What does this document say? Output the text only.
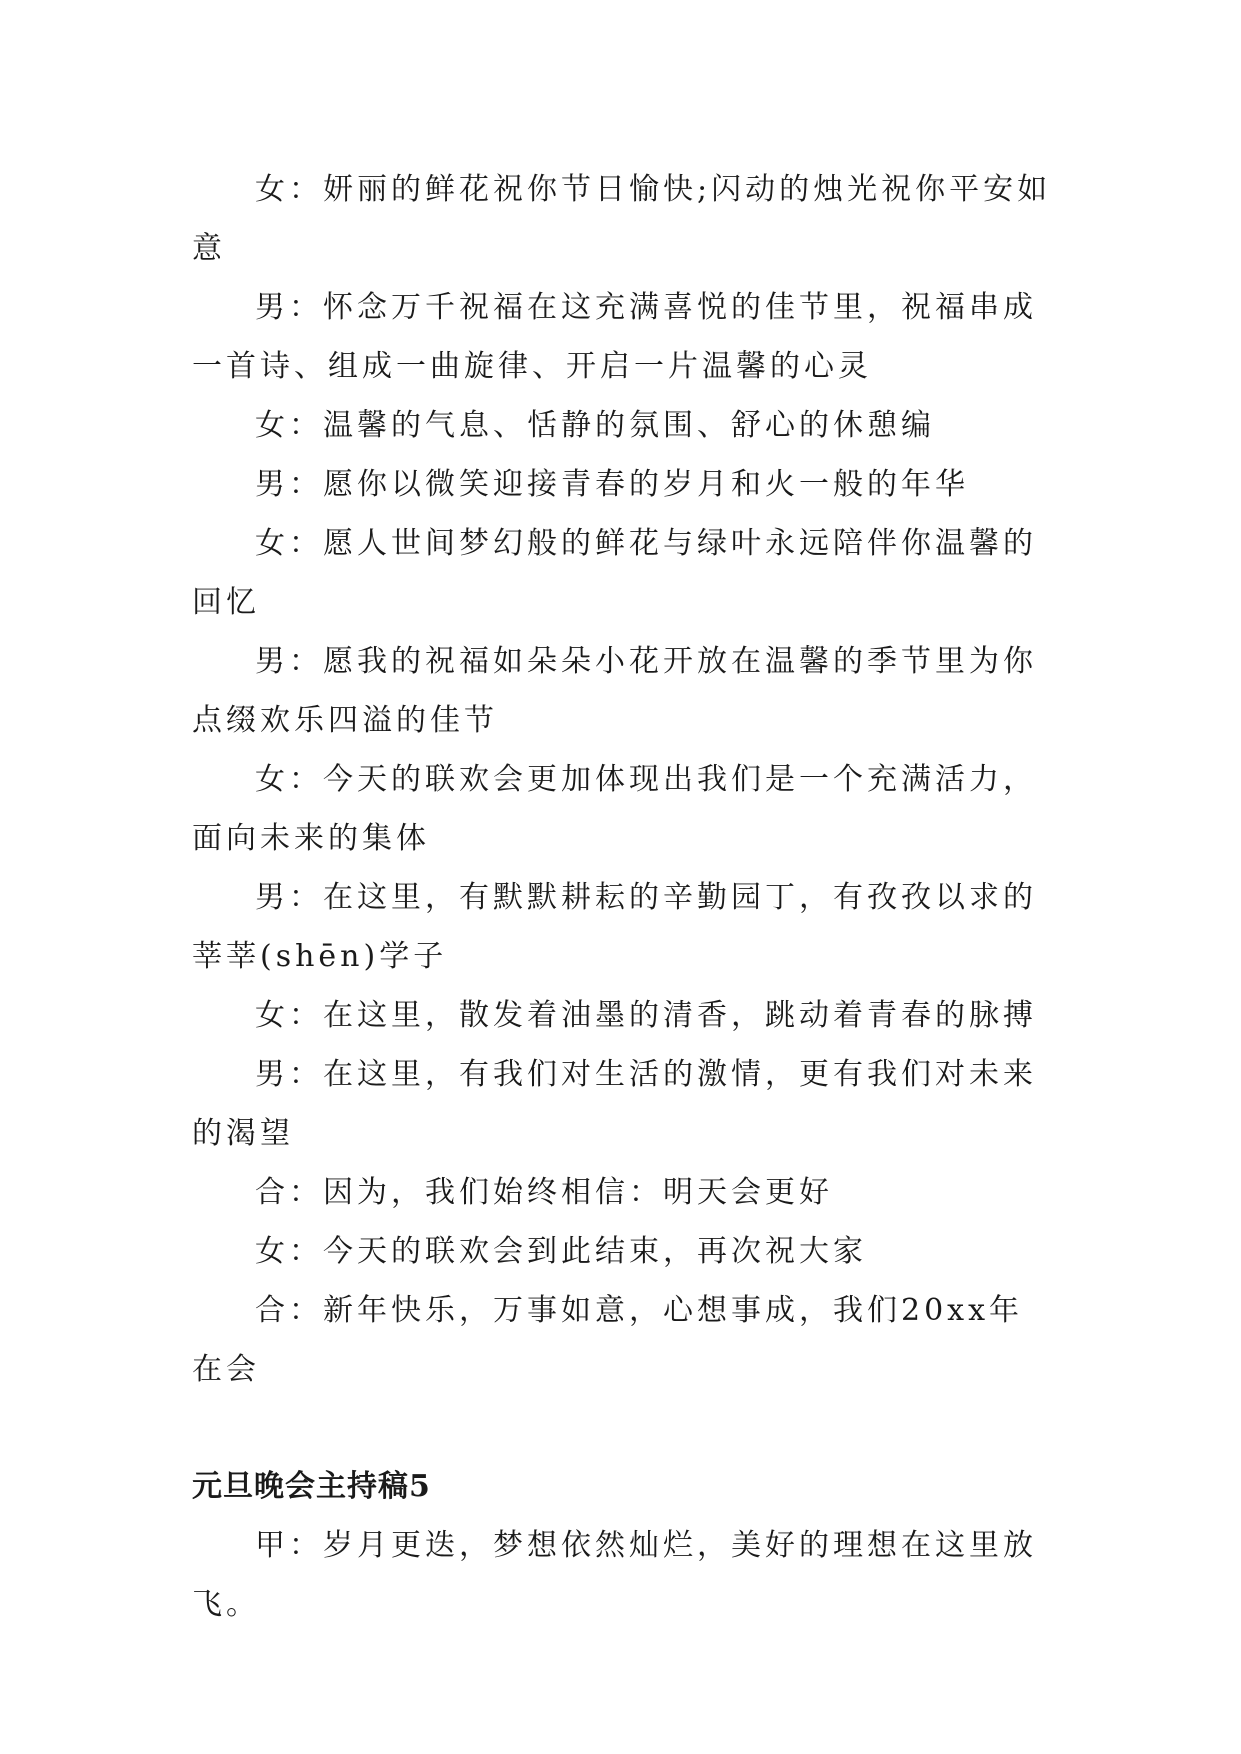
女：妍丽的鲜花祝你节日愉快;闪动的烛光祝你平安如意

男：怀念万千祝福在这充满喜悦的佳节里，祝福串成一首诗、组成一曲旋律、开启一片温馨的心灵

女：温馨的气息、恬静的氛围、舒心的休憩编

男：愿你以微笑迎接青春的岁月和火一般的年华

女：愿人世间梦幻般的鲜花与绿叶永远陪伴你温馨的回忆

男：愿我的祝福如朵朵小花开放在温馨的季节里为你点缀欢乐四溢的佳节

女：今天的联欢会更加体现出我们是一个充满活力，面向未来的集体

男：在这里，有默默耕耘的辛勤园丁，有孜孜以求的莘莘(shēn)学子

女：在这里，散发着油墨的清香，跳动着青春的脉搏

男：在这里，有我们对生活的激情，更有我们对未来的渴望

合：因为，我们始终相信：明天会更好

女：今天的联欢会到此结束，再次祝大家

合：新年快乐，万事如意，心想事成，我们20xx年在会

元旦晚会主持稿5

甲：岁月更迭，梦想依然灿烂，美好的理想在这里放飞。
